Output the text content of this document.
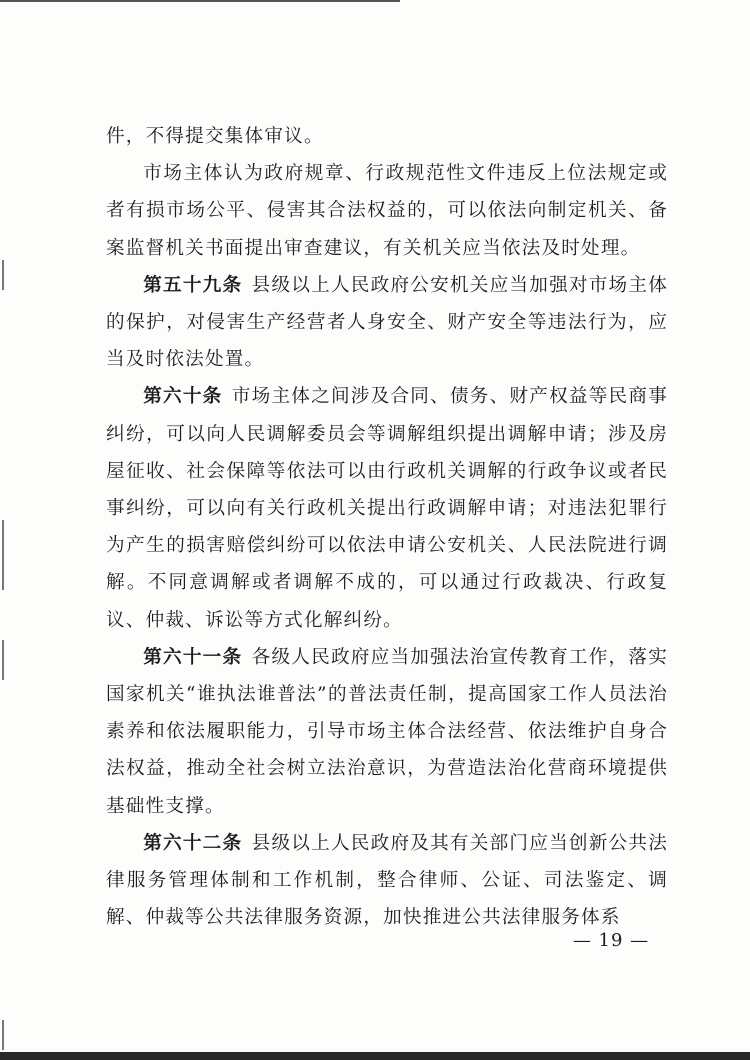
件，不得提交集体审议。

市场主体认为政府规章、行政规范性文件违反上位法规定或者有损市场公平、侵害其合法权益的，可以依法向制定机关、备案监督机关书面提出审查建议，有关机关应当依法及时处理。

第五十九条 县级以上人民政府公安机关应当加强对市场主体的保护，对侵害生产经营者人身安全、财产安全等违法行为，应当及时依法处置。

第六十条 市场主体之间涉及合同、债务、财产权益等民商事纠纷，可以向人民调解委员会等调解组织提出调解申请；涉及房屋征收、社会保障等依法可以由行政机关调解的行政争议或者民事纠纷，可以向有关行政机关提出行政调解申请；对违法犯罪行为产生的损害赔偿纠纷可以依法申请公安机关、人民法院进行调解。不同意调解或者调解不成的，可以通过行政裁决、行政复议、仲裁、诉讼等方式化解纠纷。

第六十一条 各级人民政府应当加强法治宣传教育工作，落实国家机关“谁执法谁普法”的普法责任制，提高国家工作人员法治素养和依法履职能力，引导市场主体合法经营、依法维护自身合法权益，推动全社会树立法治意识，为营造法治化营商环境提供基础性支撑。

第六十二条 县级以上人民政府及其有关部门应当创新公共法律服务管理体制和工作机制，整合律师、公证、司法鉴定、调解、仲裁等公共法律服务资源，加快推进公共法律服务体系

— 19 —
